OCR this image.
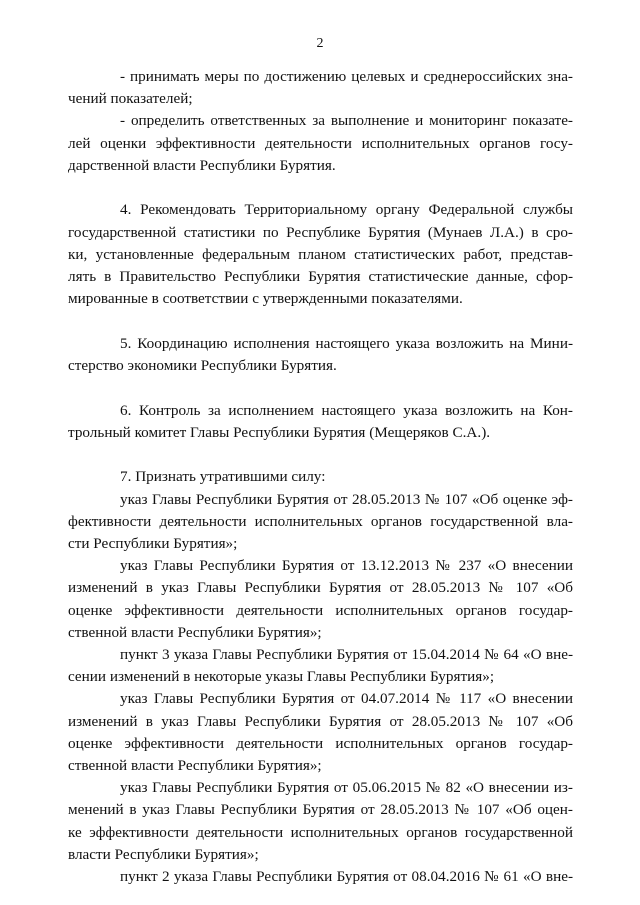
2
- принимать меры по достижению целевых и среднероссийских зна-
чений показателей;
- определить ответственных за выполнение и мониторинг показате-
лей оценки эффективности деятельности исполнительных органов госу-
дарственной власти Республики Бурятия.
4. Рекомендовать Территориальному органу Федеральной службы
государственной статистики по Республике Бурятия (Мунаев Л.А.) в сро-
ки, установленные федеральным планом статистических работ, представ-
лять в Правительство Республики Бурятия статистические данные, сфор-
мированные в соответствии с утвержденными показателями.
5. Координацию исполнения настоящего указа возложить на Мини-
стерство экономики Республики Бурятия.
6. Контроль за исполнением настоящего указа возложить на Кон-
трольный комитет Главы Республики Бурятия (Мещеряков С.А.).
7. Признать утратившими силу:
указ Главы Республики Бурятия от 28.05.2013 № 107 «Об оценке эф-
фективности деятельности исполнительных органов государственной вла-
сти Республики Бурятия»;
указ Главы Республики Бурятия от 13.12.2013 № 237 «О внесении
изменений в указ Главы Республики Бурятия от 28.05.2013 № 107 «Об
оценке эффективности деятельности исполнительных органов государ-
ственной власти Республики Бурятия»;
пункт 3 указа Главы Республики Бурятия от 15.04.2014 № 64 «О вне-
сении изменений в некоторые указы Главы Республики Бурятия»;
указ Главы Республики Бурятия от 04.07.2014 № 117 «О внесении
изменений в указ Главы Республики Бурятия от 28.05.2013 № 107 «Об
оценке эффективности деятельности исполнительных органов государ-
ственной власти Республики Бурятия»;
указ Главы Республики Бурятия от 05.06.2015 № 82 «О внесении из-
менений в указ Главы Республики Бурятия от 28.05.2013 № 107 «Об оцен-
ке эффективности деятельности исполнительных органов государственной
власти Республики Бурятия»;
пункт 2 указа Главы Республики Бурятия от 08.04.2016 № 61 «О вне-
